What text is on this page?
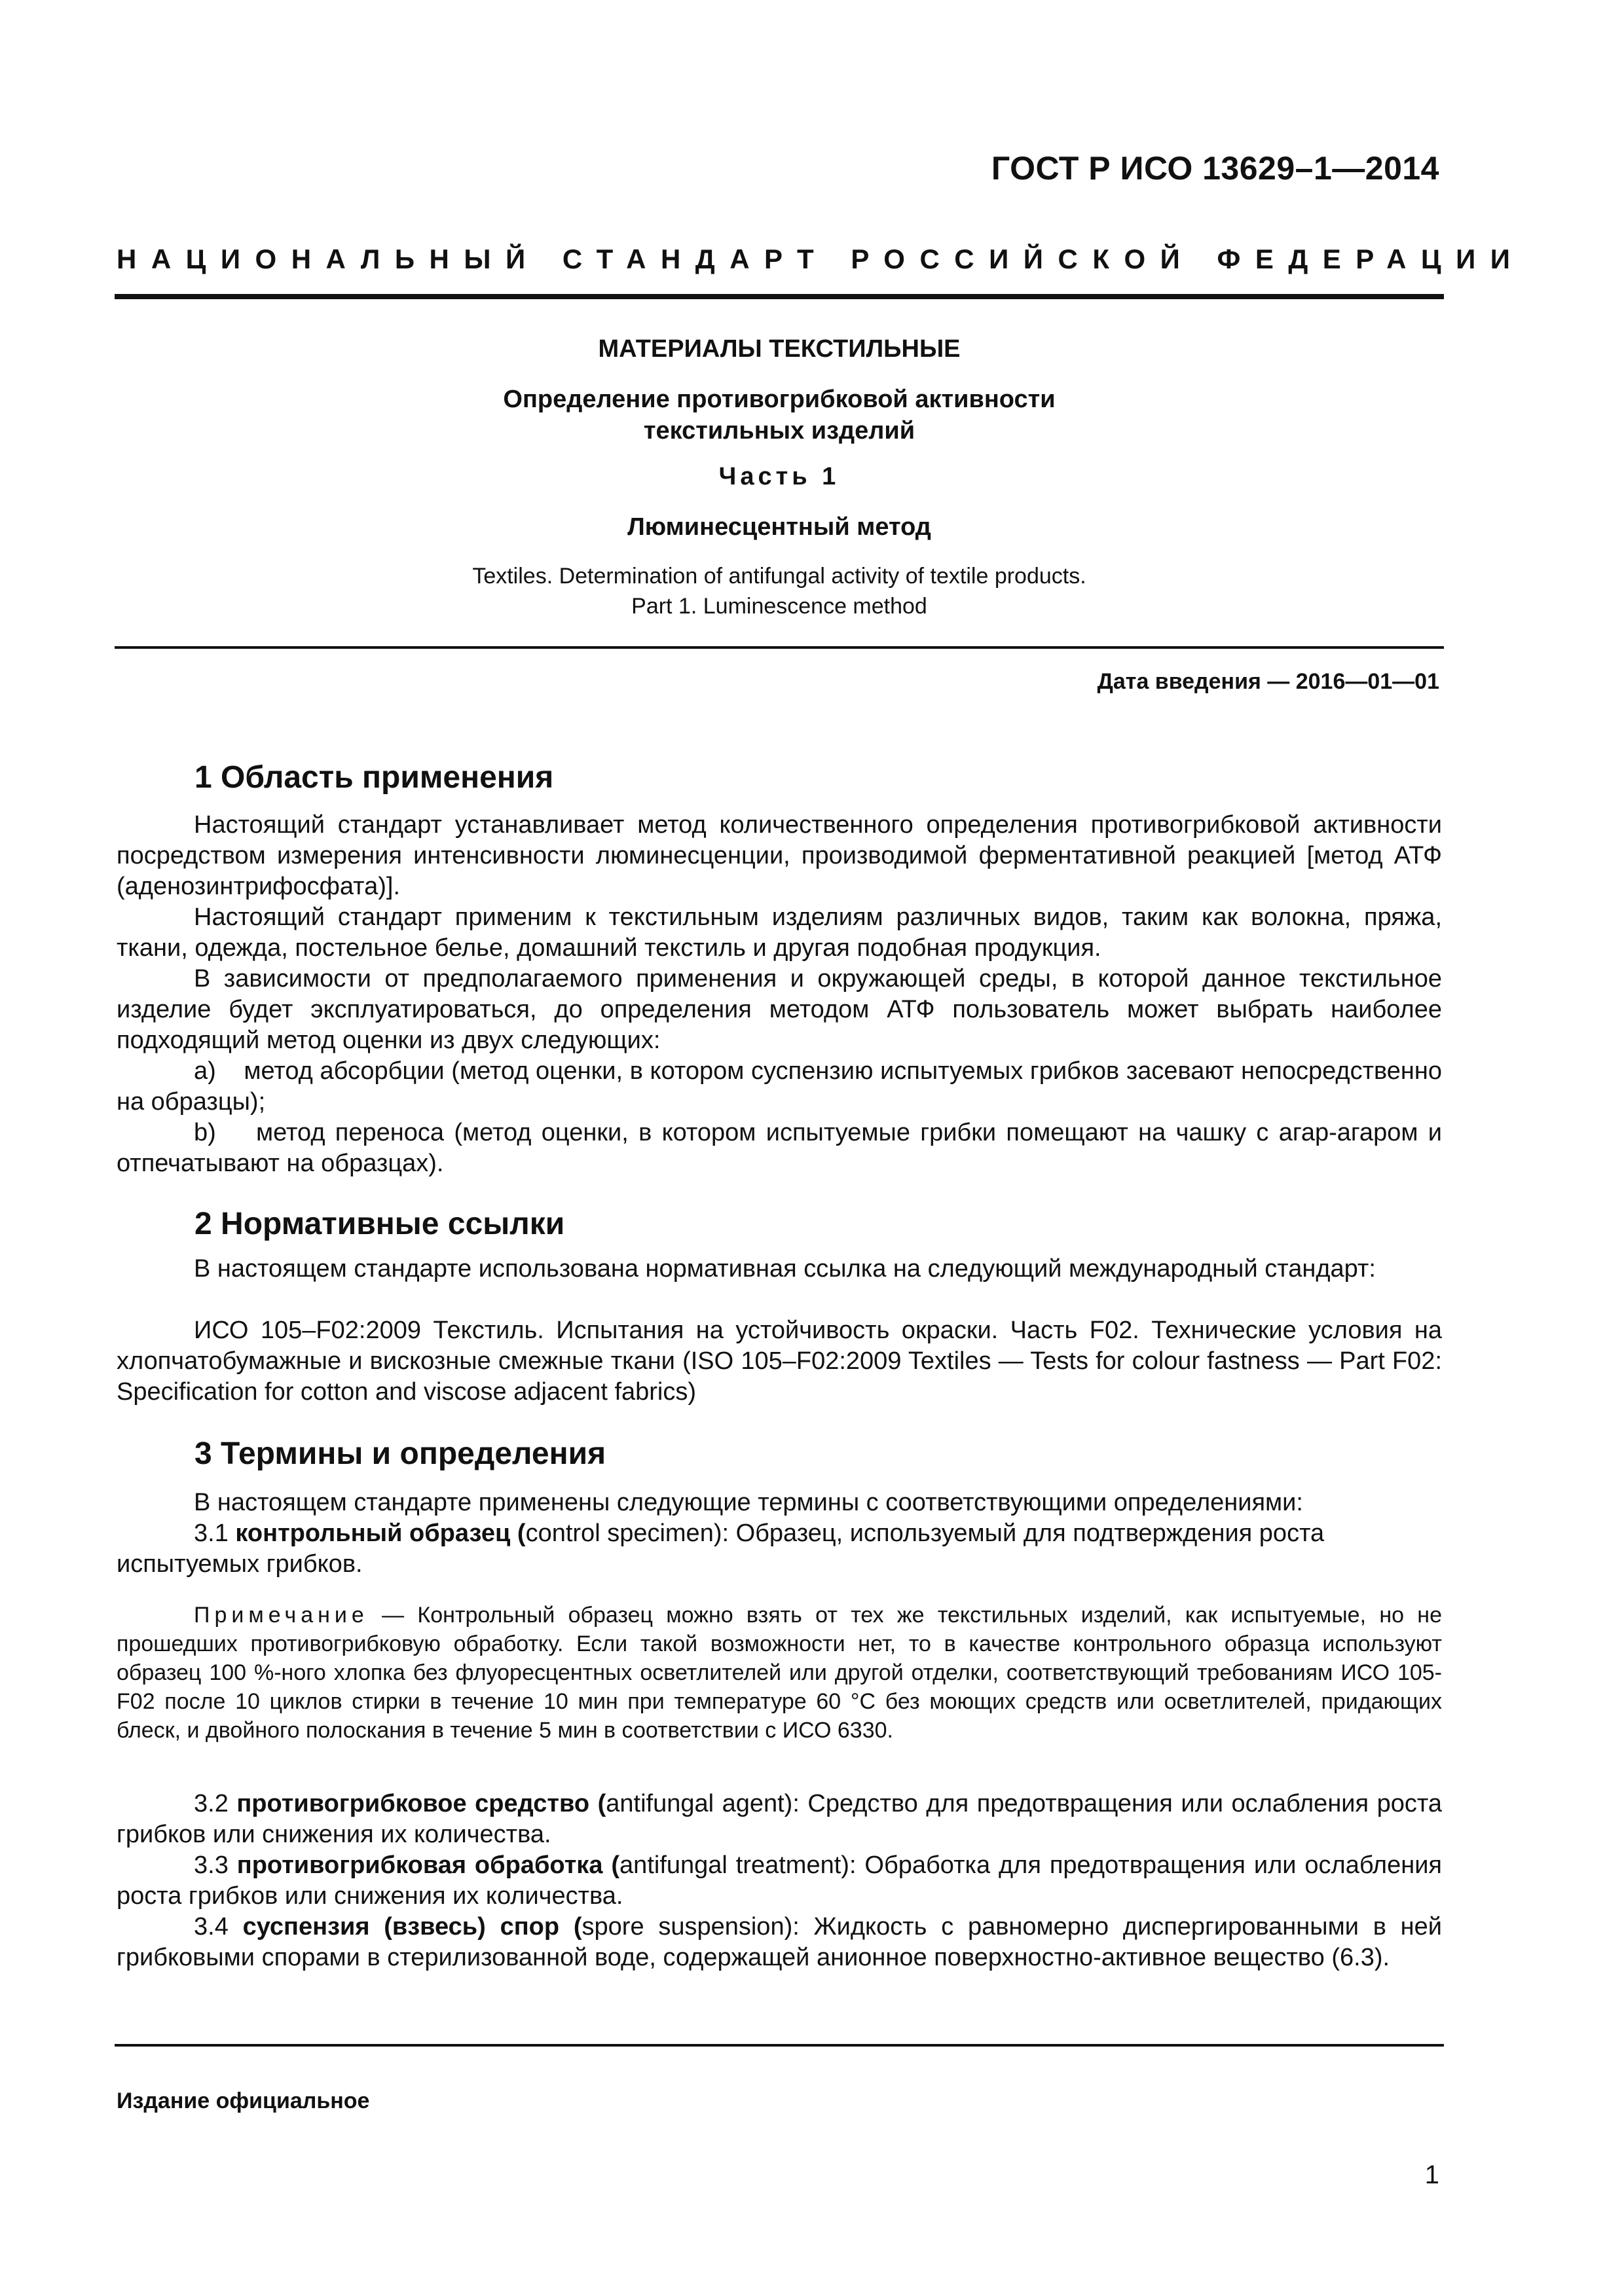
ГОСТ Р ИСО 13629–1—2014
НАЦИОНАЛЬНЫЙ СТАНДАРТ РОССИЙСКОЙ ФЕДЕРАЦИИ
МАТЕРИАЛЫ ТЕКСТИЛЬНЫЕ
Определение противогрибковой активности
текстильных изделий
Часть 1
Люминесцентный метод
Textiles. Determination of antifungal activity of textile products.
Part 1. Luminescence method
Дата введения — 2016—01—01
1 Область применения
Настоящий стандарт устанавливает метод количественного определения противогрибковой активности посредством измерения интенсивности люминесценции, производимой ферментативной реакцией [метод АТФ (аденозинтрифосфата)].
Настоящий стандарт применим к текстильным изделиям различных видов, таким как волокна, пряжа, ткани, одежда, постельное белье, домашний текстиль и другая подобная продукция.
В зависимости от предполагаемого применения и окружающей среды, в которой данное текстильное изделие будет эксплуатироваться, до определения методом АТФ пользователь может выбрать наиболее подходящий метод оценки из двух следующих:
a) метод абсорбции (метод оценки, в котором суспензию испытуемых грибков засевают непосредственно на образцы);
b) метод переноса (метод оценки, в котором испытуемые грибки помещают на чашку с агар-агаром и отпечатывают на образцах).
2 Нормативные ссылки
В настоящем стандарте использована нормативная ссылка на следующий международный стандарт:
ИСО 105–F02:2009 Текстиль. Испытания на устойчивость окраски. Часть F02. Технические условия на хлопчатобумажные и вискозные смежные ткани (ISO 105–F02:2009 Textiles — Tests for colour fastness — Part F02: Specification for cotton and viscose adjacent fabrics)
3 Термины и определения
В настоящем стандарте применены следующие термины с соответствующими определениями:
3.1 контрольный образец (control specimen): Образец, используемый для подтверждения роста испытуемых грибков.
Примечание — Контрольный образец можно взять от тех же текстильных изделий, как испытуемые, но не прошедших противогрибковую обработку. Если такой возможности нет, то в качестве контрольного образца используют образец 100 %-ного хлопка без флуоресцентных осветлителей или другой отделки, соответствующий требованиям ИСО 105-F02 после 10 циклов стирки в течение 10 мин при температуре 60 °С без моющих средств или осветлителей, придающих блеск, и двойного полоскания в течение 5 мин в соответствии с ИСО 6330.
3.2 противогрибковое средство (antifungal agent): Средство для предотвращения или ослабления роста грибков или снижения их количества.
3.3 противогрибковая обработка (antifungal treatment): Обработка для предотвращения или ослабления роста грибков или снижения их количества.
3.4 суспензия (взвесь) спор (spore suspension): Жидкость с равномерно диспергированными в ней грибковыми спорами в стерилизованной воде, содержащей анионное поверхностно-активное вещество (6.3).
Издание официальное
1
